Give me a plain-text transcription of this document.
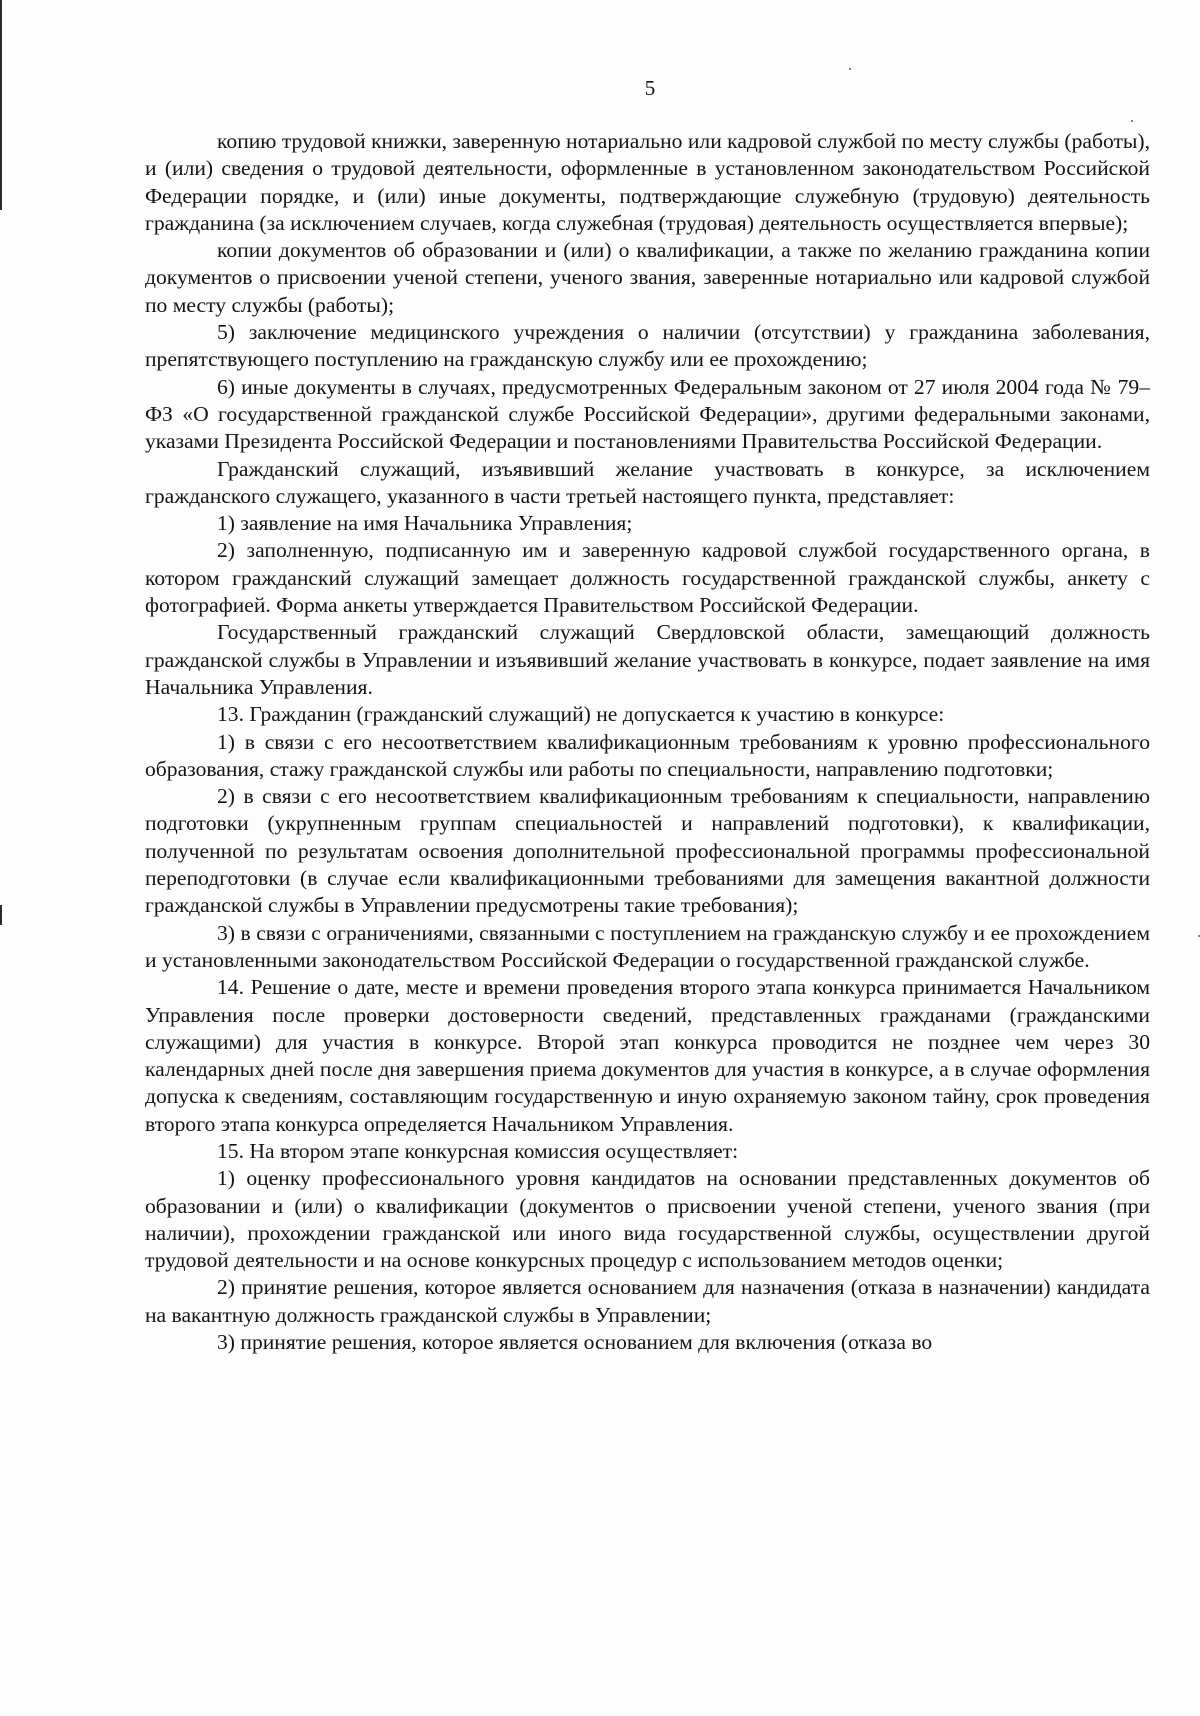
5

копию трудовой книжки, заверенную нотариально или кадровой службой по месту службы (работы), и (или) сведения о трудовой деятельности, оформленные в установленном законодательством Российской Федерации порядке, и (или) иные документы, подтверждающие служебную (трудовую) деятельность гражданина (за исключением случаев, когда служебная (трудовая) деятельность осуществляется впервые);

копии документов об образовании и (или) о квалификации, а также по желанию гражданина копии документов о присвоении ученой степени, ученого звания, заверенные нотариально или кадровой службой по месту службы (работы);

5) заключение медицинского учреждения о наличии (отсутствии) у гражданина заболевания, препятствующего поступлению на гражданскую службу или ее прохождению;

6) иные документы в случаях, предусмотренных Федеральным законом от 27 июля 2004 года № 79–ФЗ «О государственной гражданской службе Российской Федерации», другими федеральными законами, указами Президента Российской Федерации и постановлениями Правительства Российской Федерации.

Гражданский служащий, изъявивший желание участвовать в конкурсе, за исключением гражданского служащего, указанного в части третьей настоящего пункта, представляет:

1) заявление на имя Начальника Управления;

2) заполненную, подписанную им и заверенную кадровой службой государственного органа, в котором гражданский служащий замещает должность государственной гражданской службы, анкету с фотографией. Форма анкеты утверждается Правительством Российской Федерации.

Государственный гражданский служащий Свердловской области, замещающий должность гражданской службы в Управлении и изъявивший желание участвовать в конкурсе, подает заявление на имя Начальника Управления.

13. Гражданин (гражданский служащий) не допускается к участию в конкурсе:

1) в связи с его несоответствием квалификационным требованиям к уровню профессионального образования, стажу гражданской службы или работы по специальности, направлению подготовки;

2) в связи с его несоответствием квалификационным требованиям к специальности, направлению подготовки (укрупненным группам специальностей и направлений подготовки), к квалификации, полученной по результатам освоения дополнительной профессиональной программы профессиональной переподготовки (в случае если квалификационными требованиями для замещения вакантной должности гражданской службы в Управлении предусмотрены такие требования);

3) в связи с ограничениями, связанными с поступлением на гражданскую службу и ее прохождением и установленными законодательством Российской Федерации о государственной гражданской службе.

14. Решение о дате, месте и времени проведения второго этапа конкурса принимается Начальником Управления после проверки достоверности сведений, представленных гражданами (гражданскими служащими) для участия в конкурсе. Второй этап конкурса проводится не позднее чем через 30 календарных дней после дня завершения приема документов для участия в конкурсе, а в случае оформления допуска к сведениям, составляющим государственную и иную охраняемую законом тайну, срок проведения второго этапа конкурса определяется Начальником Управления.

15. На втором этапе конкурсная комиссия осуществляет:

1) оценку профессионального уровня кандидатов на основании представленных документов об образовании и (или) о квалификации (документов о присвоении ученой степени, ученого звания (при наличии), прохождении гражданской или иного вида государственной службы, осуществлении другой трудовой деятельности и на основе конкурсных процедур с использованием методов оценки;

2) принятие решения, которое является основанием для назначения (отказа в назначении) кандидата на вакантную должность гражданской службы в Управлении;

3) принятие решения, которое является основанием для включения (отказа во
